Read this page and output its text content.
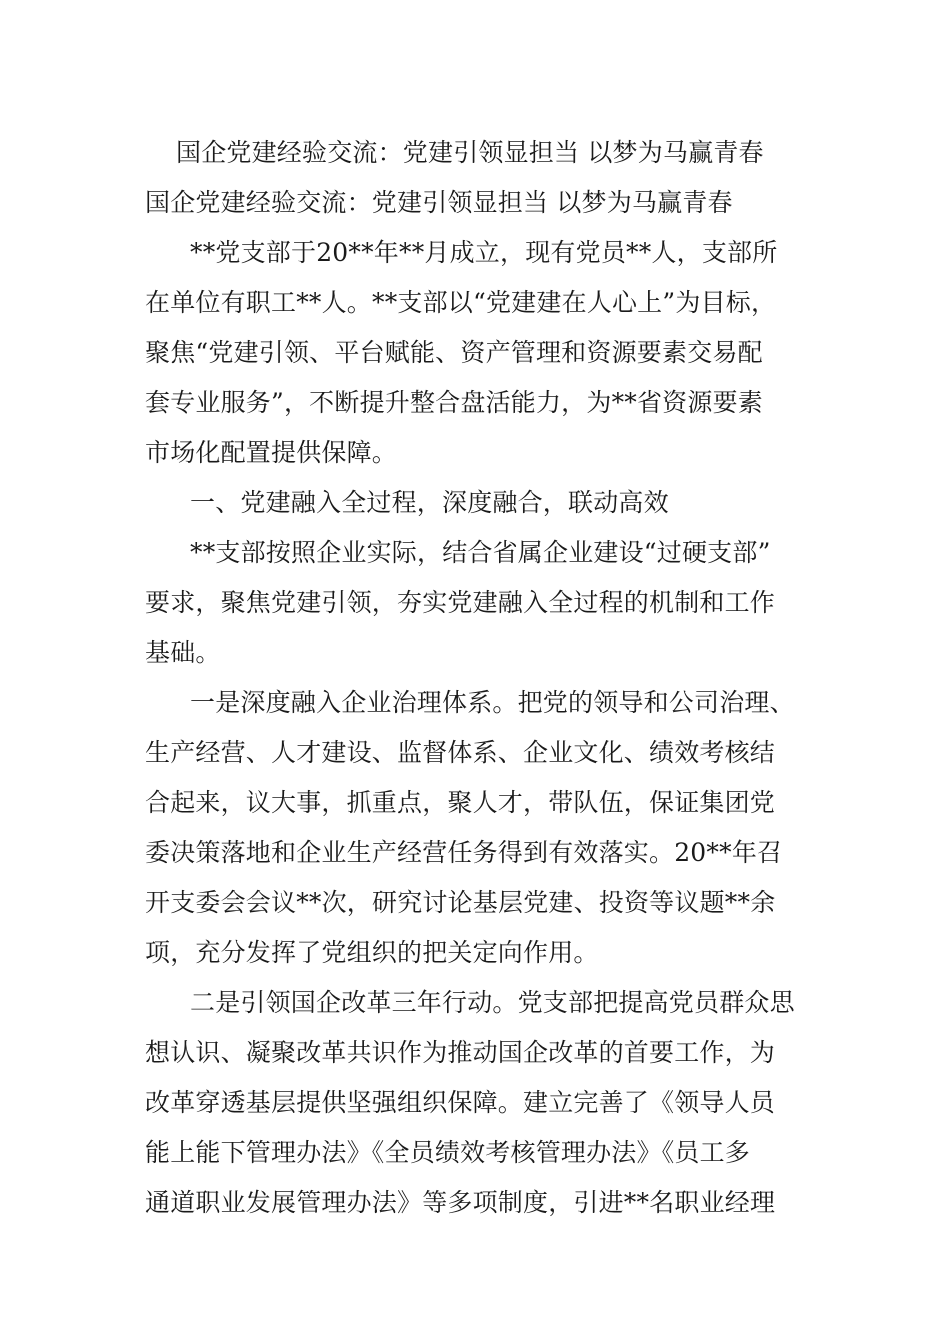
国企党建经验交流：党建引领显担当 以梦为马赢青春

国企党建经验交流：党建引领显担当 以梦为马赢青春

**党支部于20**年**月成立，现有党员**人，支部所

在单位有职工**人。**支部以“党建建在人心上”为目标，

聚焦“党建引领、平台赋能、资产管理和资源要素交易配

套专业服务”，不断提升整合盘活能力，为**省资源要素

市场化配置提供保障。

一、党建融入全过程，深度融合，联动高效

**支部按照企业实际，结合省属企业建设“过硬支部”

要求，聚焦党建引领，夯实党建融入全过程的机制和工作

基础。

一是深度融入企业治理体系。把党的领导和公司治理、

生产经营、人才建设、监督体系、企业文化、绩效考核结

合起来，议大事，抓重点，聚人才，带队伍，保证集团党

委决策落地和企业生产经营任务得到有效落实。20**年召

开支委会会议**次，研究讨论基层党建、投资等议题**余

项，充分发挥了党组织的把关定向作用。

二是引领国企改革三年行动。党支部把提高党员群众思

想认识、凝聚改革共识作为推动国企改革的首要工作，为

改革穿透基层提供坚强组织保障。建立完善了《领导人员

能上能下管理办法》《全员绩效考核管理办法》《员工多

通道职业发展管理办法》等多项制度，引进**名职业经理
